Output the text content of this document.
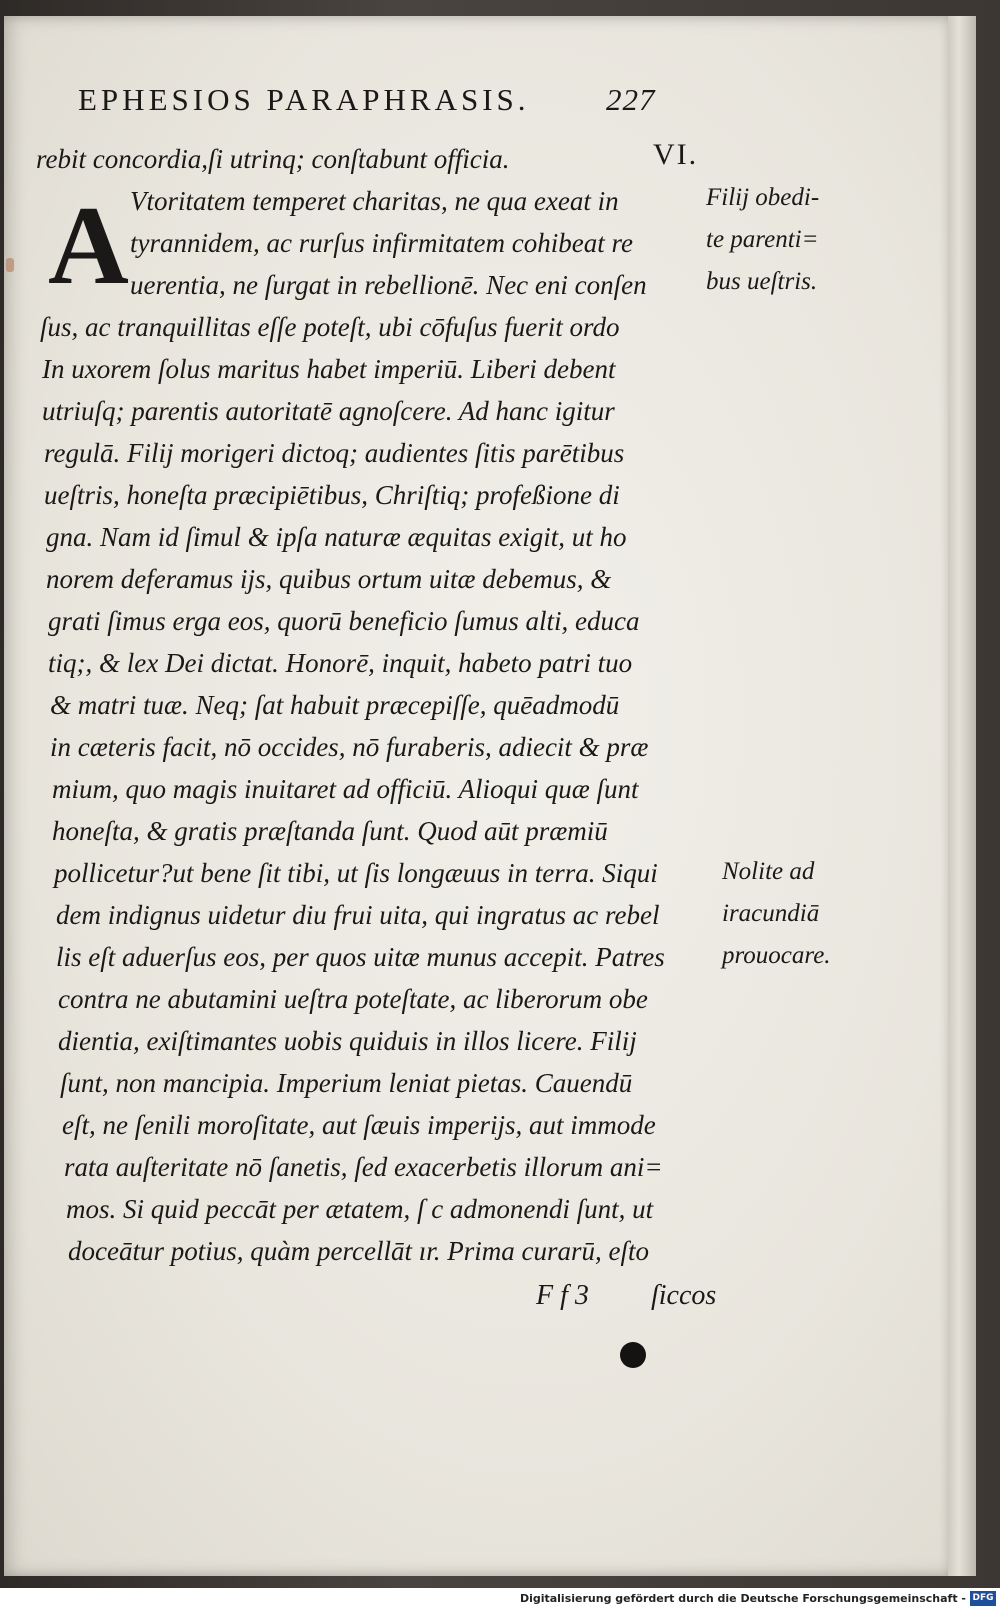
EPHESIOS PARAPHRASIS. 227
VI.
A
rebit concordia,ſi utrinq; conſtabunt officia.
Vtoritatem temperet charitas, ne qua exeat in
tyrannidem, ac rurſus infirmitatem cohibeat re
uerentia, ne ſurgat in rebellionē. Nec eni conſen
ſus, ac tranquillitas eſſe poteſt, ubi cōfuſus fuerit ordo
In uxorem ſolus maritus habet imperiū. Liberi debent
utriuſq; parentis autoritatē agnoſcere. Ad hanc igitur
regulā. Filij morigeri dictoq; audientes ſitis parētibus
ueſtris, honeſta præcipiētibus, Chriſtiq; profeßione di
gna. Nam id ſimul & ipſa naturæ æquitas exigit, ut ho
norem deferamus ijs, quibus ortum uitæ debemus, &
grati ſimus erga eos, quorū beneficio ſumus alti, educa
tiq;, & lex Dei dictat. Honorē, inquit, habeto patri tuo
& matri tuæ. Neq; ſat habuit præcepiſſe, quēadmodū
in cæteris facit, nō occides, nō furaberis, adiecit & præ
mium, quo magis inuitaret ad officiū. Alioqui quæ ſunt
honeſta, & gratis præſtanda ſunt. Quod aūt præmiū
pollicetur?ut bene ſit tibi, ut ſis longæuus in terra. Siqui
dem indignus uidetur diu frui uita, qui ingratus ac rebel
lis eſt aduerſus eos, per quos uitæ munus accepit. Patres
contra ne abutamini ueſtra poteſtate, ac liberorum obe
dientia, exiſtimantes uobis quiduis in illos licere. Filij
ſunt, non mancipia. Imperium leniat pietas. Cauendū
eſt, ne ſenili moroſitate, aut ſæuis imperijs, aut immode
rata auſteritate nō ſanetis, ſed exacerbetis illorum ani=
mos. Si quid peccāt per ætatem, ſ c admonendi ſunt, ut
doceātur potius, quàm percellāt ır. Prima curarū, eſto
Filij obedi-
te parenti=
bus ueſtris.
Nolite ad
iracundiā
prouocare.
F f 3 ſiccos
Digitalisierung gefördert durch die Deutsche Forschungsgemeinschaft - DFG
